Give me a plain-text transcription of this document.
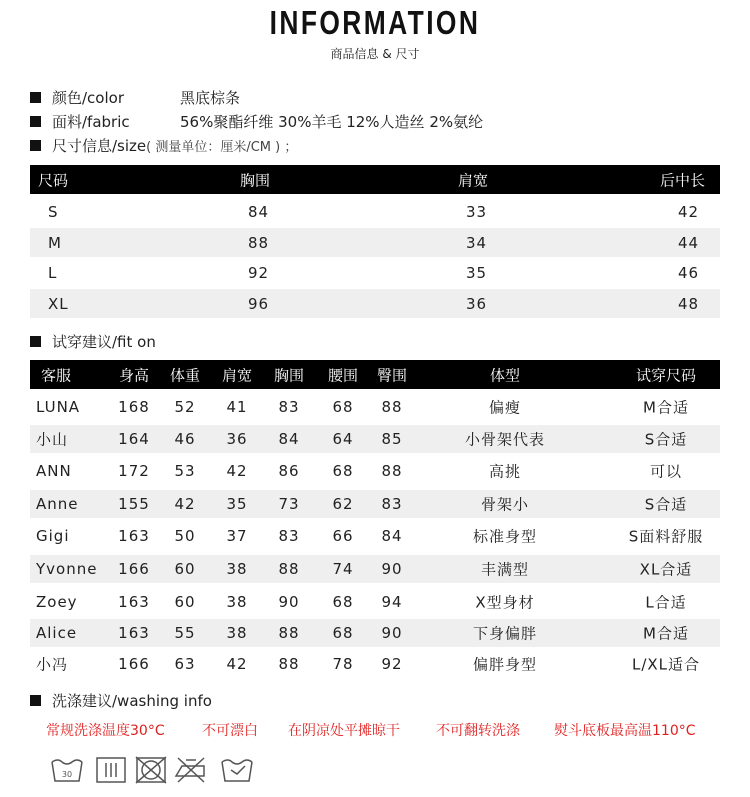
INFORMATION
商品信息 & 尺寸
颜色/color	黑底棕条
面料/fabric	56%聚酯纤维 30%羊毛 12%人造丝 2%氨纶
尺寸信息/size( 测量单位：厘米/CM ) ；
尺码	胸围	肩宽	后中长
S	84	33	42
M	88	34	44
L	92	35	46
XL	96	36	48
试穿建议/fit on
客服	身高	体重	肩宽	胸围	腰围	臀围	体型	试穿尺码
LUNA	168	52	41	83	68	88	偏瘦	M合适
小山	164	46	36	84	64	85	小骨架代表	S合适
ANN	172	53	42	86	68	88	高挑	可以
Anne	155	42	35	73	62	83	骨架小	S合适
Gigi	163	50	37	83	66	84	标准身型	S面料舒服
Yvonne	166	60	38	88	74	90	丰满型	XL合适
Zoey	163	60	38	90	68	94	X型身材	L合适
Alice	163	55	38	88	68	90	下身偏胖	M合适
小冯	166	63	42	88	78	92	偏胖身型	L/XL适合
洗涤建议/washing info
常规洗涤温度30°C	不可漂白 在阴凉处平摊晾干	不可翻转洗涤 熨斗底板最高温110°C
30
